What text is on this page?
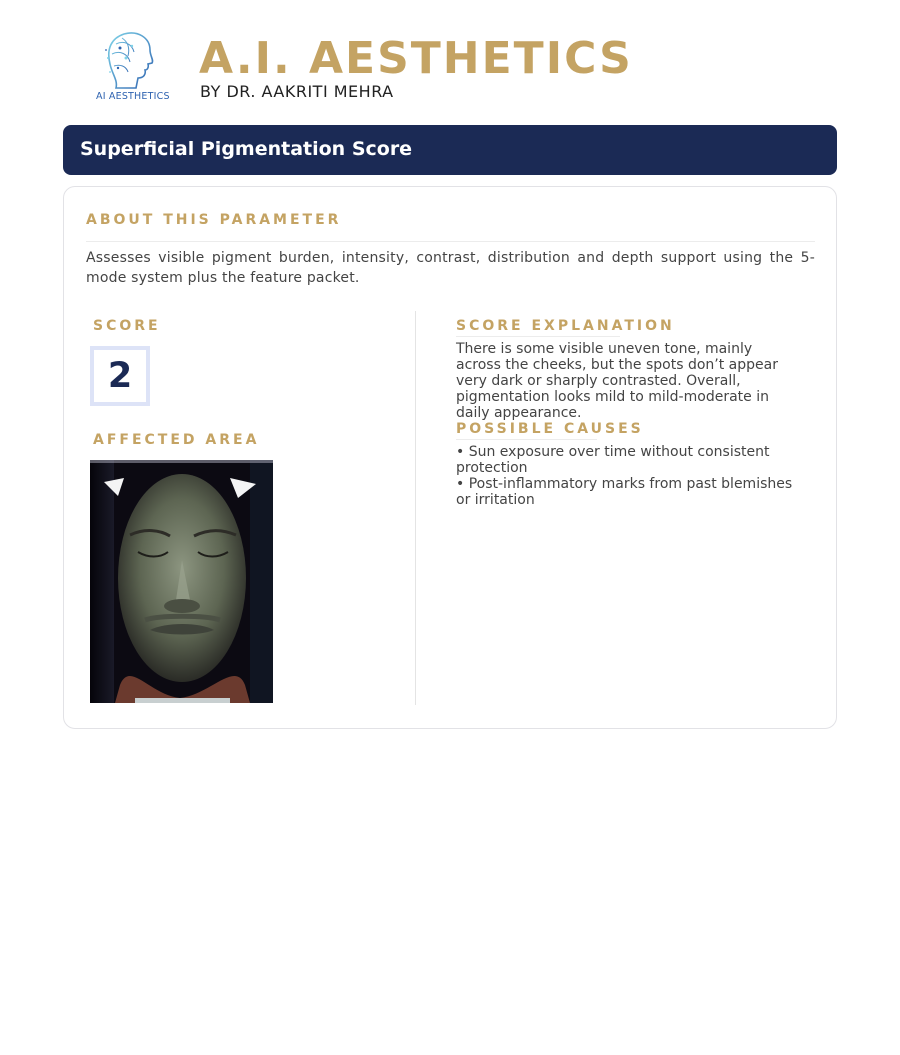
AI AESTHETICS
A.I. AESTHETICS
BY DR. AAKRITI MEHRA
Superficial Pigmentation Score
ABOUT THIS PARAMETER
Assesses visible pigment burden, intensity, contrast, distribution and depth support using the 5-mode system plus the feature packet.
SCORE
2
AFFECTED AREA
SCORE EXPLANATION
There is some visible uneven tone, mainly across the cheeks, but the spots don’t appear very dark or sharply contrasted. Overall, pigmentation looks mild to mild-moderate in daily appearance.
POSSIBLE CAUSES
• Sun exposure over time without consistent protection
• Post-inflammatory marks from past blemishes or irritation
